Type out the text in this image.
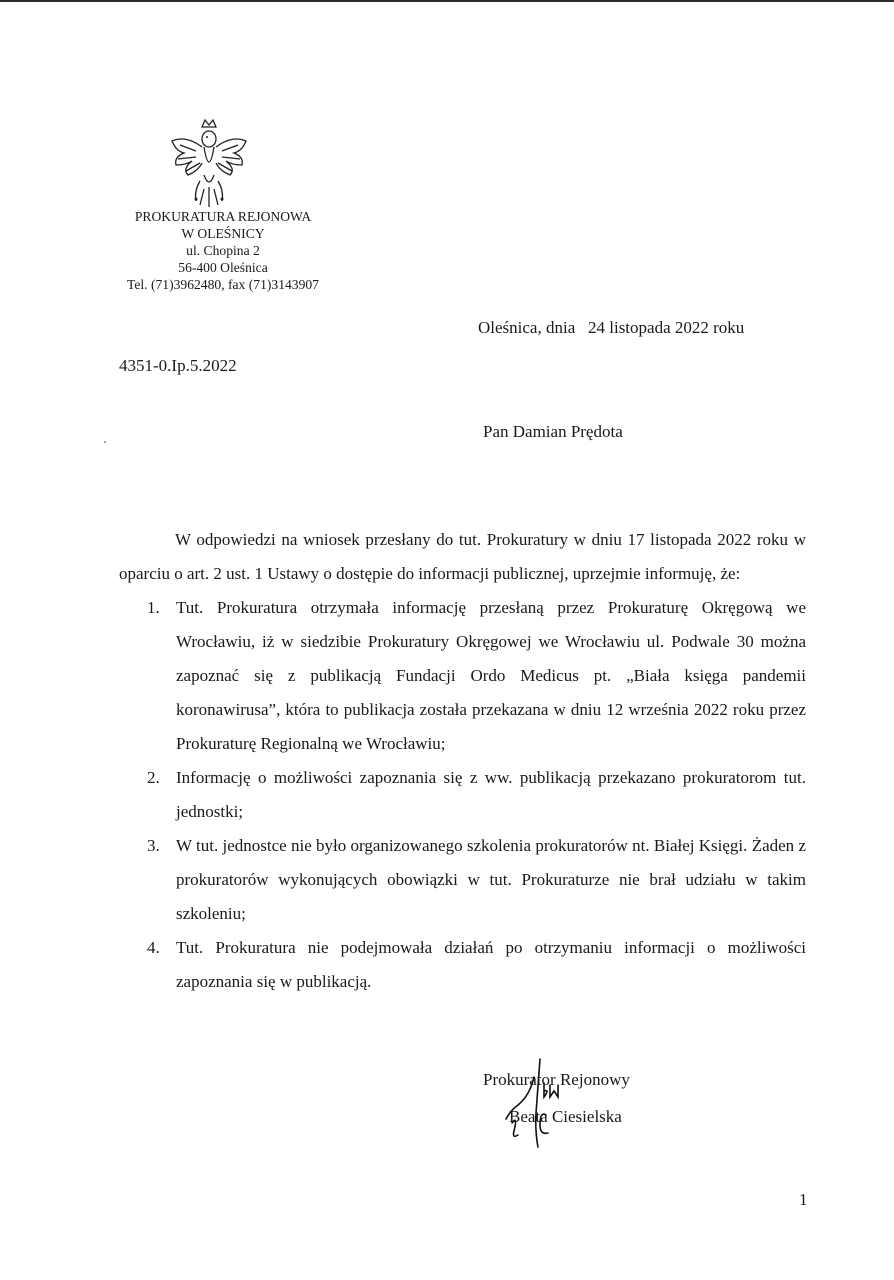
PROKURATURA REJONOWA
W OLEŚNICY
ul. Chopina 2
56-400 Oleśnica
Tel. (71)3962480, fax (71)3143907
Oleśnica, dnia   24 listopada 2022 roku
4351-0.Ip.5.2022
Pan Damian Prędota

W odpowiedzi na wniosek przesłany do tut. Prokuratury w dniu 17 listopada 2022 roku w oparciu o art. 2 ust. 1 Ustawy o dostępie do informacji publicznej, uprzejmie informuję, że:

1. Tut. Prokuratura otrzymała informację przesłaną przez Prokuraturę Okręgową we Wrocławiu, iż w siedzibie Prokuratury Okręgowej we Wrocławiu ul. Podwale 30 można zapoznać się z publikacją Fundacji Ordo Medicus pt. „Biała księga pandemii koronawirusa”, która to publikacja została przekazana w dniu 12 września 2022 roku przez Prokuraturę Regionalną we Wrocławiu;
2. Informację o możliwości zapoznania się z ww. publikacją przekazano prokuratorom tut. jednostki;
3. W tut. jednostce nie było organizowanego szkolenia prokuratorów nt. Białej Księgi. Żaden z prokuratorów wykonujących obowiązki w tut. Prokuraturze nie brał udziału w takim szkoleniu;
4. Tut. Prokuratura nie podejmowała działań po otrzymaniu informacji o możliwości zapoznania się w publikacją.
Prokurator Rejonowy
Beata Ciesielska
1
